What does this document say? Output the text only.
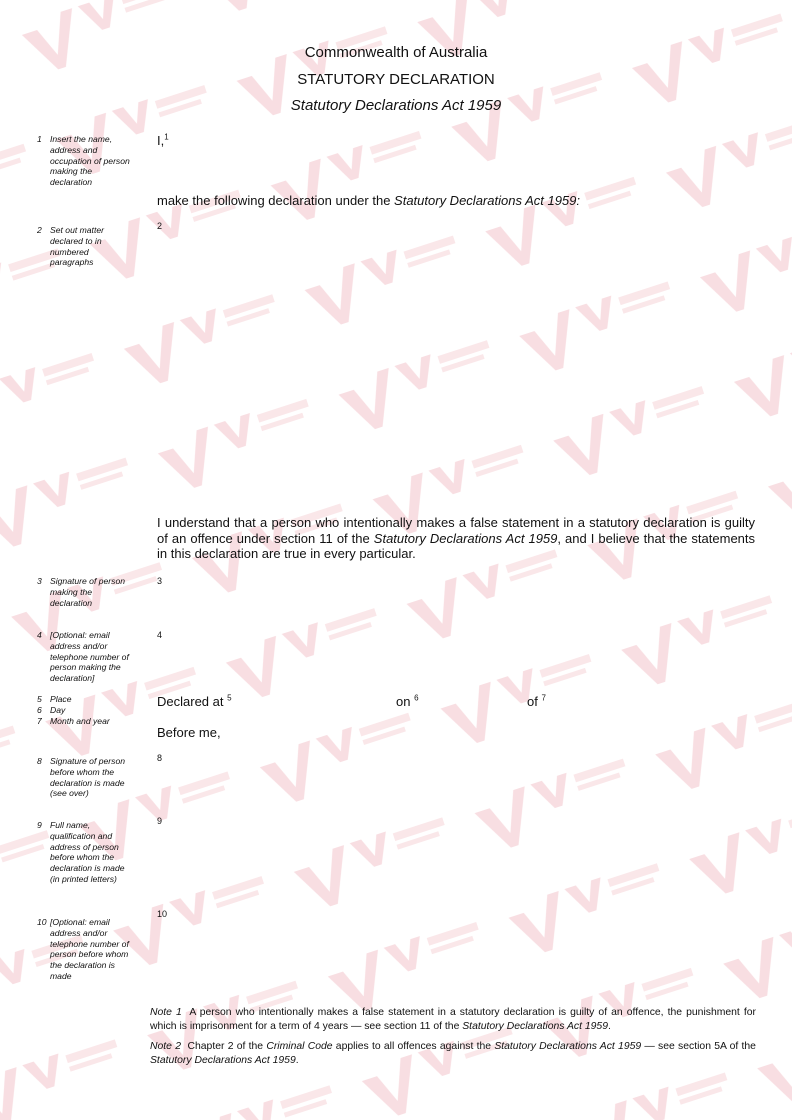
Commonwealth of Australia
STATUTORY DECLARATION
Statutory Declarations Act 1959
1 Insert the name, address and occupation of person making the declaration
2 Set out matter declared to in numbered paragraphs
3 Signature of person making the declaration
4 [Optional: email address and/or telephone number of person making the declaration]
5 Place
6 Day
7 Month and year
8 Signature of person before whom the declaration is made (see over)
9 Full name, qualification and address of person before whom the declaration is made (in printed letters)
10 [Optional: email address and/or telephone number of person before whom the declaration is made
I,$^1$
make the following declaration under the Statutory Declarations Act 1959:
2
I understand that a person who intentionally makes a false statement in a statutory declaration is guilty of an offence under section 11 of the Statutory Declarations Act 1959, and I believe that the statements in this declaration are true in every particular.
3
4
Declared at $^5$	on $^6$	of $^7$
Before me,
8
9
10
Note 1 A person who intentionally makes a false statement in a statutory declaration is guilty of an offence, the punishment for which is imprisonment for a term of 4 years — see section 11 of the Statutory Declarations Act 1959.
Note 2 Chapter 2 of the Criminal Code applies to all offences against the Statutory Declarations Act 1959 — see section 5A of the Statutory Declarations Act 1959.
